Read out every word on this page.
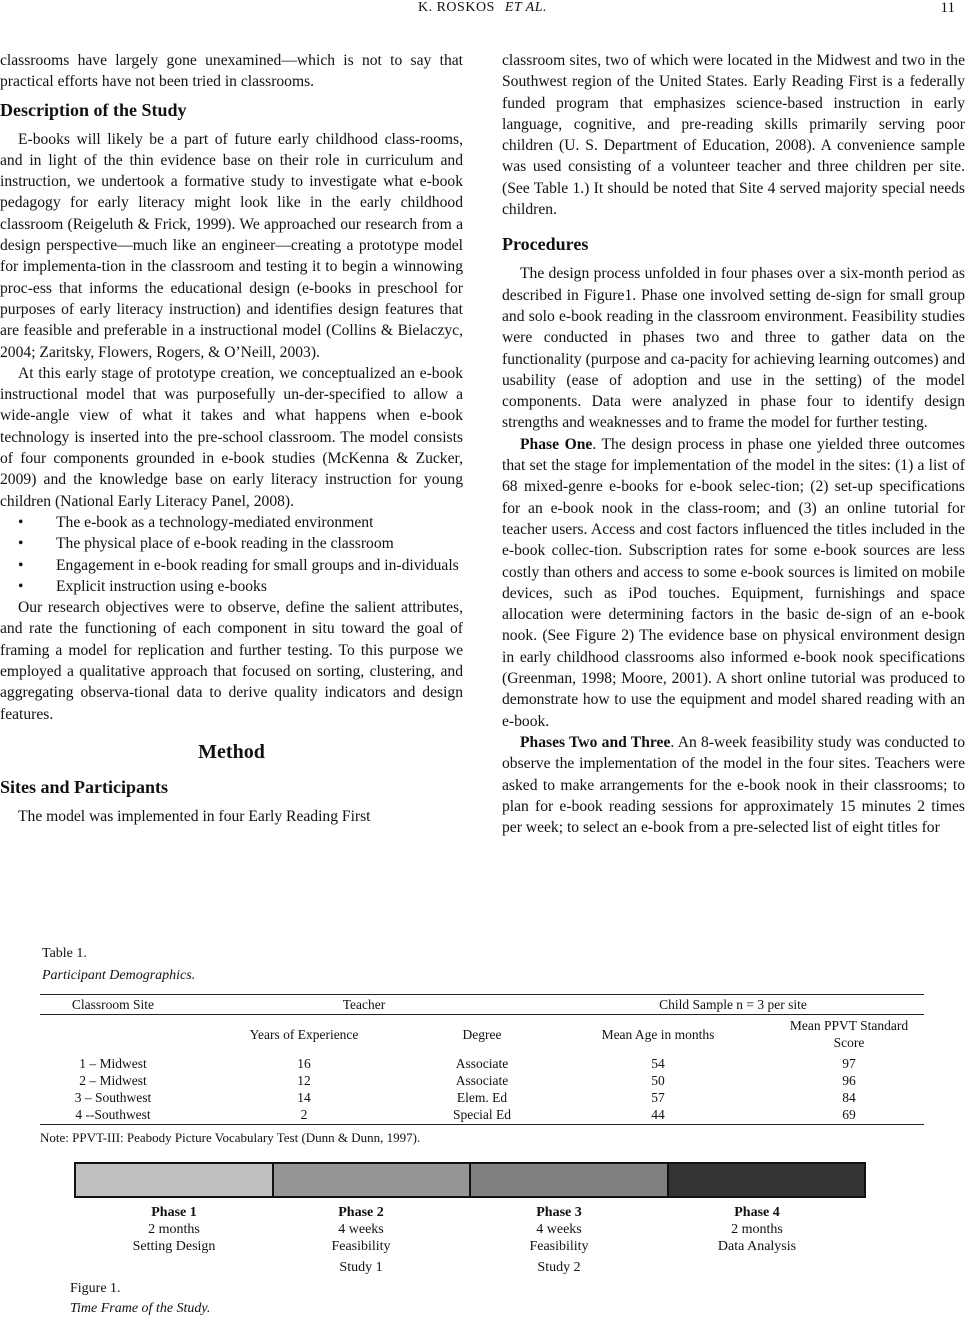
K. ROSKOS ET AL.	11

classrooms have largely gone unexamined—which is not to say that practical efforts have not been tried in classrooms.

Description of the Study

E-books will likely be a part of future early childhood class-rooms, and in light of the thin evidence base on their role in curriculum and instruction, we undertook a formative study to investigate what e-book pedagogy for early literacy might look like in the early childhood classroom (Reigeluth & Frick, 1999). We approached our research from a design perspective—much like an engineer—creating a prototype model for implementa-tion in the classroom and testing it to begin a winnowing proc-ess that informs the educational design (e-books in preschool for purposes of early literacy instruction) and identifies design features that are feasible and preferable in a instructional model (Collins & Bielaczyc, 2004; Zaritsky, Flowers, Rogers, & O’Neill, 2003).

At this early stage of prototype creation, we conceptualized an e-book instructional model that was purposefully un-der-specified to allow a wide-angle view of what it takes and what happens when e-book technology is inserted into the pre-school classroom. The model consists of four components grounded in e-book studies (McKenna & Zucker, 2009) and the knowledge base on early literacy instruction for young children (National Early Literacy Panel, 2008).

• The e-book as a technology-mediated environment
• The physical place of e-book reading in the classroom
• Engagement in e-book reading for small groups and in-dividuals
• Explicit instruction using e-books

Our research objectives were to observe, define the salient attributes, and rate the functioning of each component in situ toward the goal of framing a model for replication and further testing. To this purpose we employed a qualitative approach that focused on sorting, clustering, and aggregating observa-tional data to derive quality indicators and design features.

Method
Sites and Participants

The model was implemented in four Early Reading First

classroom sites, two of which were located in the Midwest and two in the Southwest region of the United States. Early Reading First is a federally funded program that emphasizes science-based instruction in early language, cognitive, and pre-reading skills primarily serving poor children (U. S. Department of Education, 2008). A convenience sample was used consisting of a volunteer teacher and three children per site. (See Table 1.) It should be noted that Site 4 served majority special needs children.

Procedures

The design process unfolded in four phases over a six-month period as described in Figure1. Phase one involved setting de-sign for small group and solo e-book reading in the classroom environment. Feasibility studies were conducted in phases two and three to gather data on the functionality (purpose and ca-pacity for achieving learning outcomes) and usability (ease of adoption and use in the setting) of the model components. Data were analyzed in phase four to identify design strengths and weaknesses and to frame the model for further testing.

Phase One. The design process in phase one yielded three outcomes that set the stage for implementation of the model in the sites: (1) a list of 68 mixed-genre e-books for e-book selec-tion; (2) set-up specifications for an e-book nook in the class-room; and (3) an online tutorial for teacher users. Access and cost factors influenced the titles included in the e-book collec-tion. Subscription rates for some e-book sources are less costly than others and access to some e-book sources is limited on mobile devices, such as iPod touches. Equipment, furnishings and space allocation were determining factors in the basic de-sign of an e-book nook. (See Figure 2) The evidence base on physical environment design in early childhood classrooms also informed e-book nook specifications (Greenman, 1998; Moore, 2001). A short online tutorial was produced to demonstrate how to use the equipment and model shared reading with an e-book.

Phases Two and Three. An 8-week feasibility study was conducted to observe the implementation of the model in the four sites. Teachers were asked to make arrangements for the e-book nook in their classrooms; to plan for e-book reading sessions for approximately 15 minutes 2 times per week; to select an e-book from a pre-selected list of eight titles for

Table 1.
Participant Demographics.
Classroom Site	Teacher		Child Sample n = 3 per site	
	Years of Experience	Degree	Mean Age in months	Mean PPVT Standard Score
1 – Midwest	16	Associate	54	97
2 – Midwest	12	Associate	50	96
3 – Southwest	14	Elem. Ed	57	84
4 --Southwest	2	Special Ed	44	69
Note: PPVT-III: Peabody Picture Vocabulary Test (Dunn & Dunn, 1997).
Phase 1
2 months
Setting Design
Phase 2
4 weeks
Feasibility
Study 1
Phase 3
4 weeks
Feasibility
Study 2
Phase 4
2 months
Data Analysis
Figure 1.
Time Frame of the Study.
